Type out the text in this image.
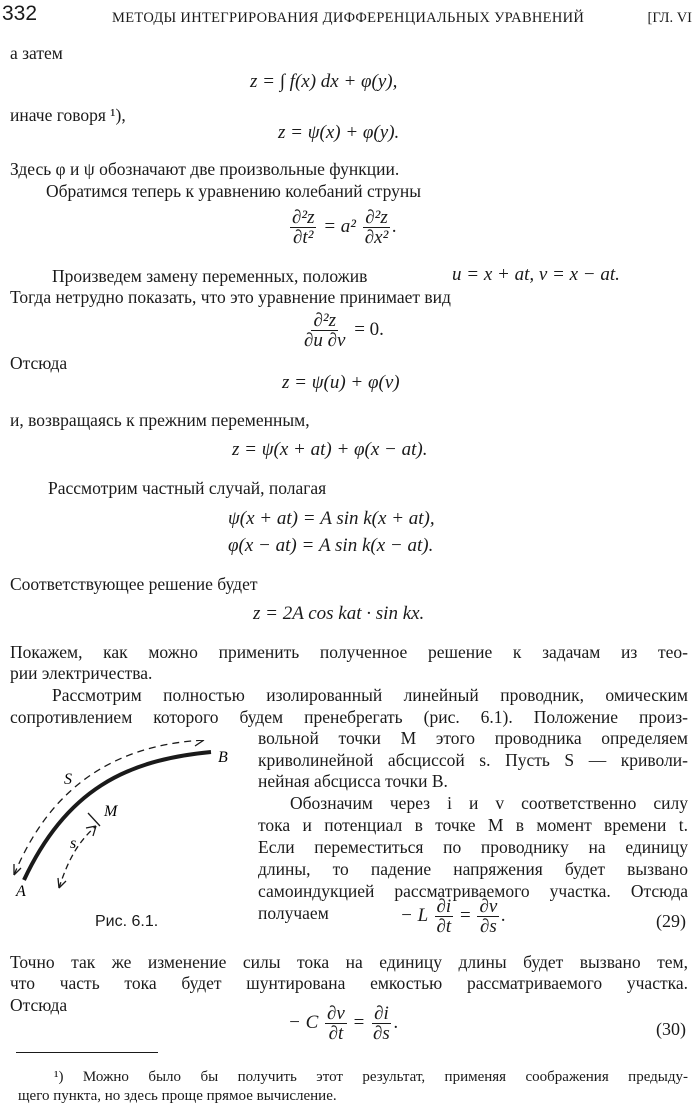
332	МЕТОДЫ ИНТЕГРИРОВАНИЯ ДИФФЕРЕНЦИАЛЬНЫХ УРАВНЕНИЙ	[ГЛ. VI
а затем
z = ∫ f(x) dx + φ(y),
иначе говоря ¹),
z = ψ(x) + φ(y).
Здесь φ и ψ обозначают две произвольные функции.
Обратимся теперь к уравнению колебаний струны
$\frac{\text{∂²z}}{\text{∂t²}} = a^2 \frac{\text{∂²z}}{\text{∂x²}}$ .
Произведем замену переменных, положив	u = x + at, v = x − at.
Тогда нетрудно показать, что это уравнение принимает вид
$\frac{\text{∂²z}}{\partial u \partial v} = 0$.
Отсюда
z = ψ(u) + φ(v)
и, возвращаясь к прежним переменным,
z = ψ(x + at) + φ(x − at).
Рассмотрим частный случай, полагая
ψ(x + at) = A sin k(x + at),
φ(x − at) = A sin k(x − at).
Соответствующее решение будет
z = 2A cos kat · sin kx.
Покажем, как можно применить полученное решение к задачам из тео-
рии электричества.
Рассмотрим полностью изолированный линейный проводник, омическим
сопротивлением которого будем пренебрегать (рис. 6.1). Положение произ-
вольной точки M этого проводника определяем
криволинейной абсциссой s. Пусть S — криволи-
нейная абсцисса точки B.
Обозначим через i и v соответственно силу
тока и потенциал в точке M в момент времени t.
Если переместиться по проводнику на единицу
длины, то падение напряжения будет вызвано
самоиндукцией рассматриваемого участка. Отсюда
получаем
A
B
S
M
s
Рис. 6.1.	− L $\frac{\partial i}{\partial t} = \frac{\partial v}{\partial s}$ .	(29)
Точно так же изменение силы тока на единицу длины будет вызвано тем,
что часть тока будет шунтирована емкостью рассматриваемого участка.
Отсюда
− C $\frac{\partial v}{\partial t} = \frac{\partial i}{\partial s}$ .	(30)
¹) Можно было бы получить этот результат, применяя соображения предыду-
щего пункта, но здесь проще прямое вычисление.
